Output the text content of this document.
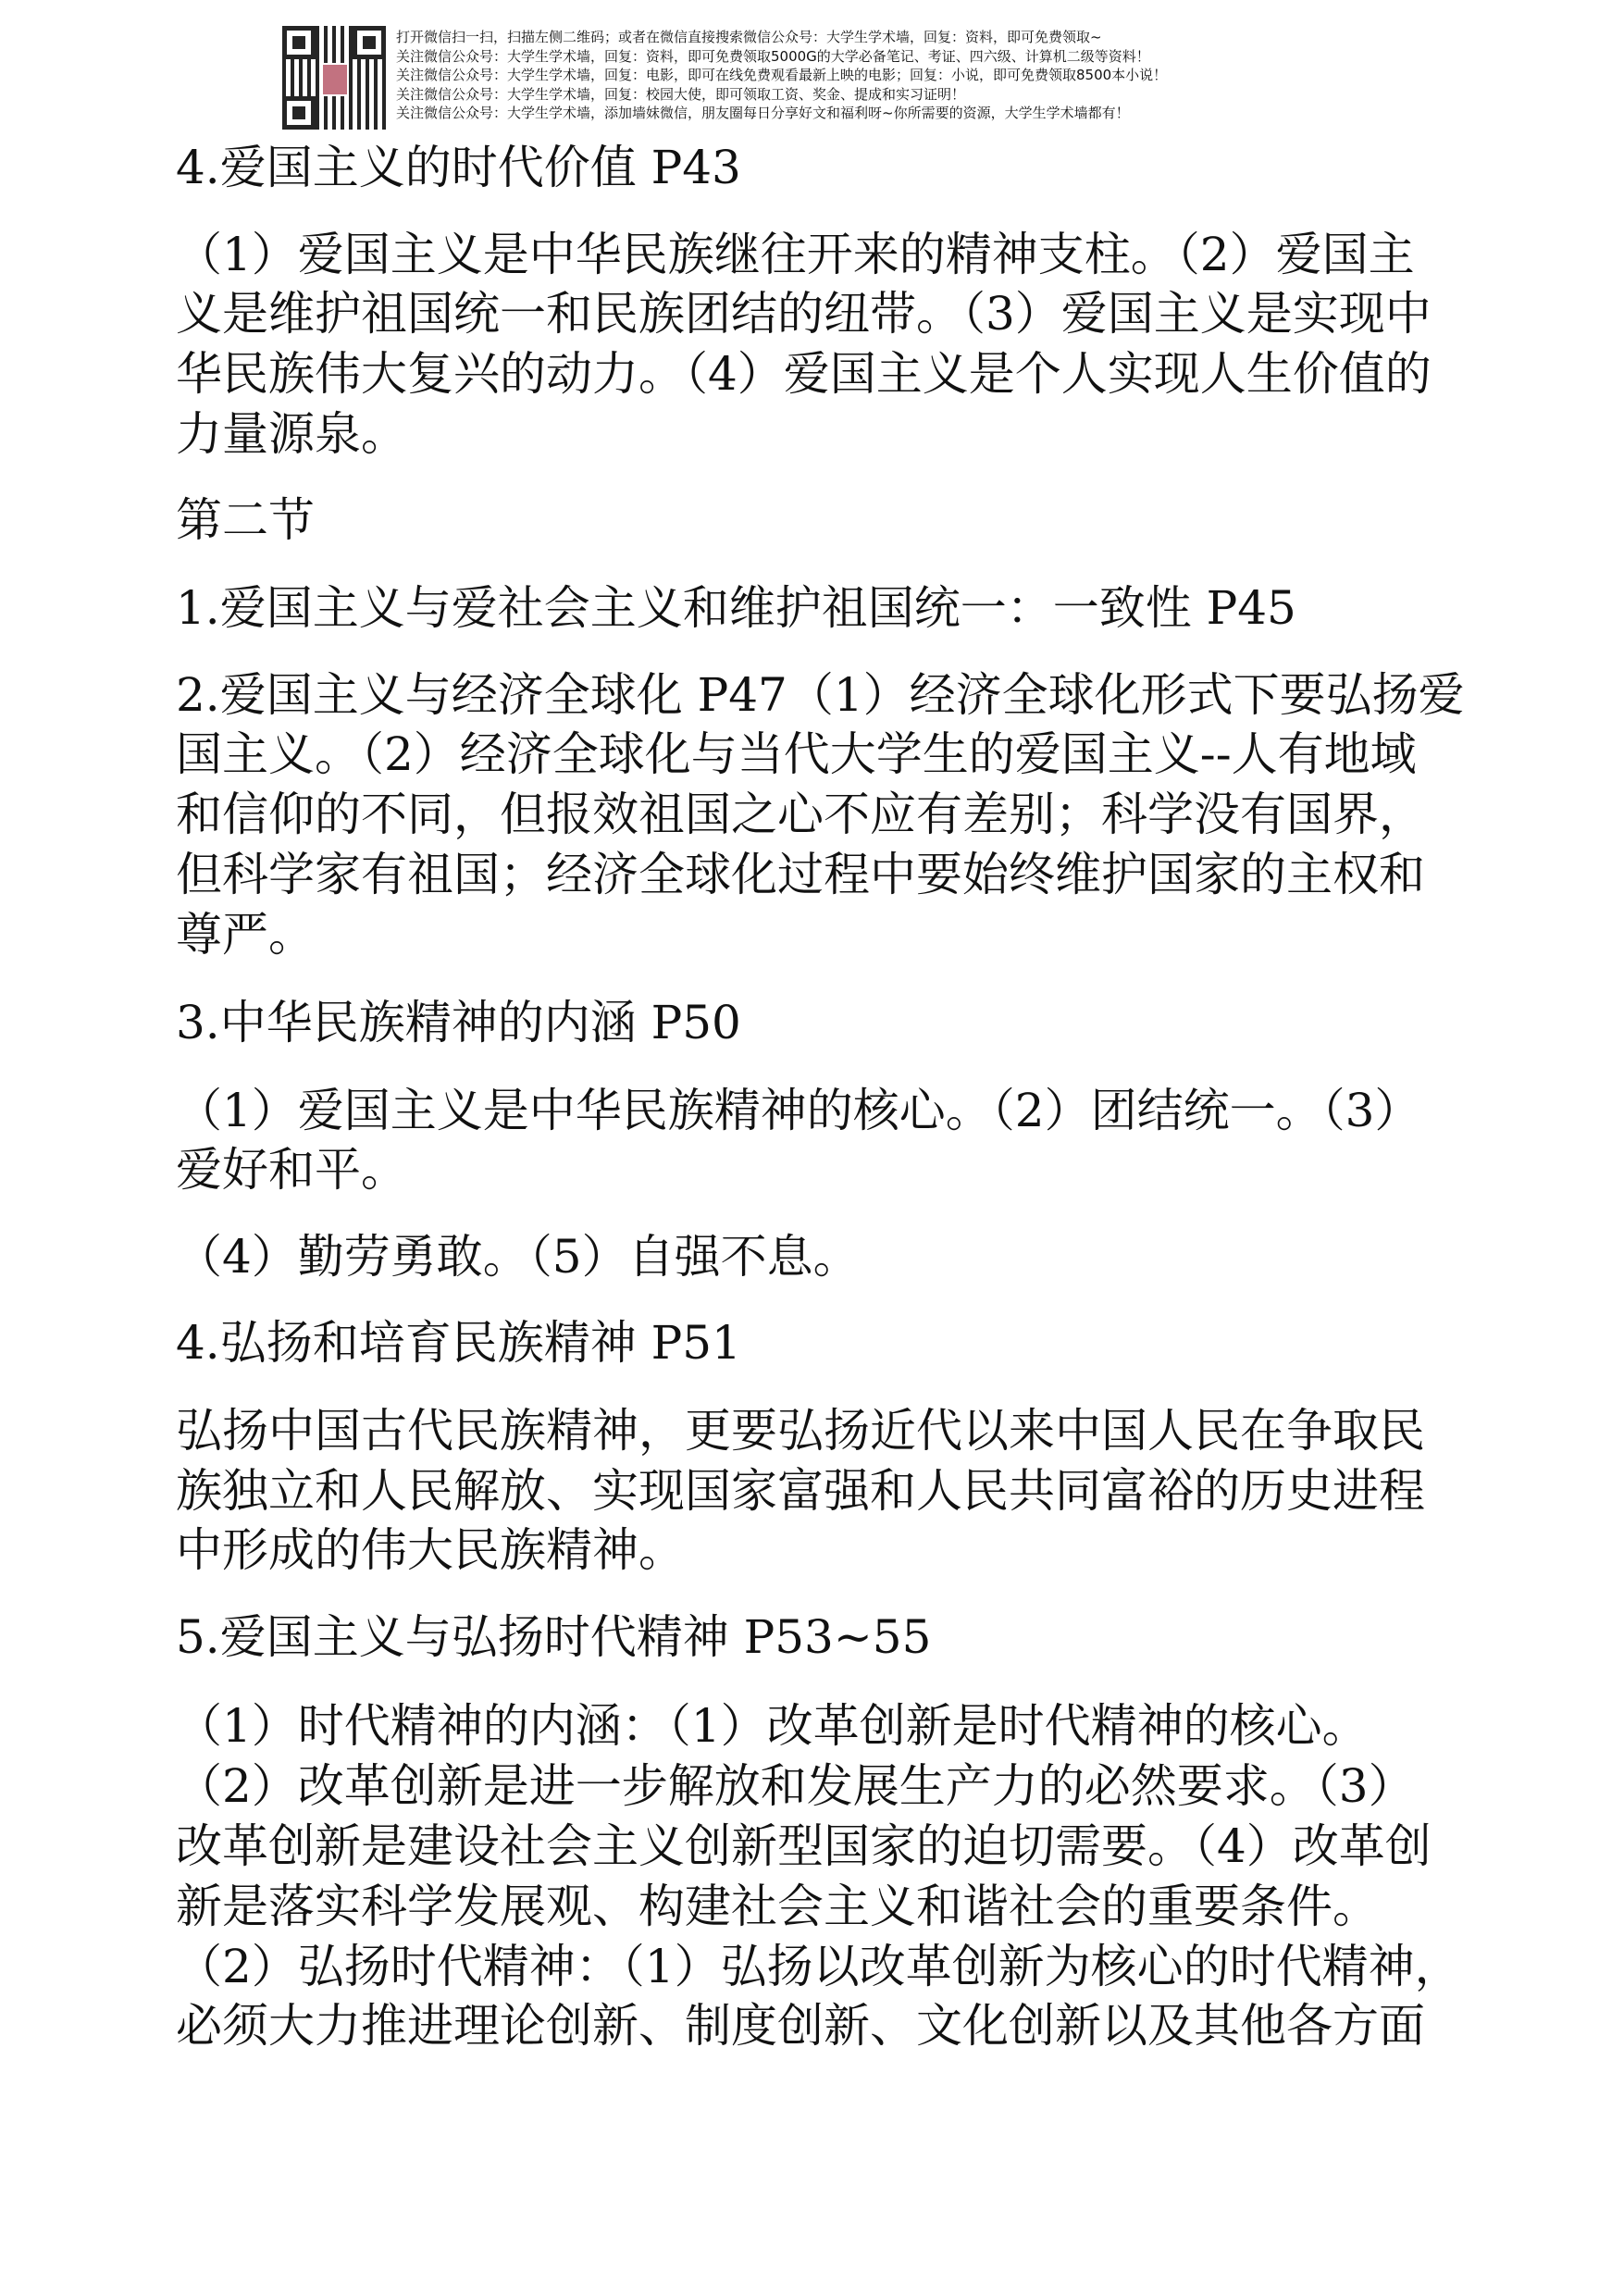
打开微信扫一扫，扫描左侧二维码；或者在微信直接搜索微信公众号：大学生学术墙，回复：资料，即可免费领取~
关注微信公众号：大学生学术墙，回复：资料，即可免费领取5000G的大学必备笔记、考证、四六级、计算机二级等资料！
关注微信公众号：大学生学术墙，回复：电影，即可在线免费观看最新上映的电影；回复：小说，即可免费领取8500本小说！
关注微信公众号：大学生学术墙，回复：校园大使，即可领取工资、奖金、提成和实习证明！
关注微信公众号：大学生学术墙，添加墙妹微信，朋友圈每日分享好文和福利呀~你所需要的资源，大学生学术墙都有！
4.爱国主义的时代价值 P43
（1）爱国主义是中华民族继往开来的精神支柱。（2）爱国主
义是维护祖国统一和民族团结的纽带。（3）爱国主义是实现中
华民族伟大复兴的动力。（4）爱国主义是个人实现人生价值的
力量源泉。
第二节
1.爱国主义与爱社会主义和维护祖国统一：一致性 P45
2.爱国主义与经济全球化 P47（1）经济全球化形式下要弘扬爱
国主义。（2）经济全球化与当代大学生的爱国主义--人有地域
和信仰的不同，但报效祖国之心不应有差别；科学没有国界，
但科学家有祖国；经济全球化过程中要始终维护国家的主权和
尊严。
3.中华民族精神的内涵 P50
（1）爱国主义是中华民族精神的核心。（2）团结统一。（3）
爱好和平。
（4）勤劳勇敢。（5）自强不息。
4.弘扬和培育民族精神 P51
弘扬中国古代民族精神，更要弘扬近代以来中国人民在争取民
族独立和人民解放、实现国家富强和人民共同富裕的历史进程
中形成的伟大民族精神。
5.爱国主义与弘扬时代精神 P53~55
（1）时代精神的内涵：（1）改革创新是时代精神的核心。
（2）改革创新是进一步解放和发展生产力的必然要求。（3）
改革创新是建设社会主义创新型国家的迫切需要。（4）改革创
新是落实科学发展观、构建社会主义和谐社会的重要条件。
（2）弘扬时代精神：（1）弘扬以改革创新为核心的时代精神，
必须大力推进理论创新、制度创新、文化创新以及其他各方面
